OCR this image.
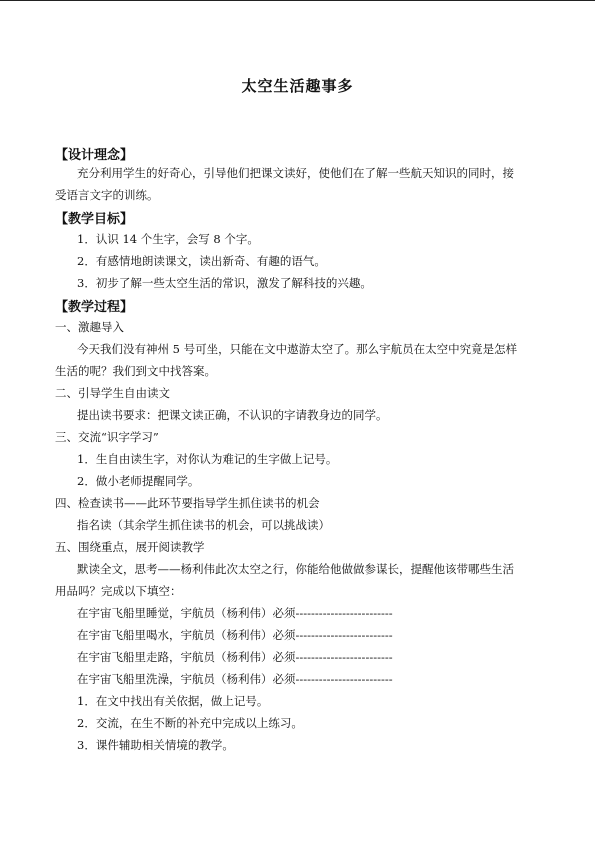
太空生活趣事多
【设计理念】
充分利用学生的好奇心，引导他们把课文读好，使他们在了解一些航天知识的同时，接
受语言文字的训练。
【教学目标】
1．认识 14 个生字，会写 8 个字。
2．有感情地朗读课文，读出新奇、有趣的语气。
3．初步了解一些太空生活的常识，激发了解科技的兴趣。
【教学过程】
一、激趣导入
今天我们没有神州 5 号可坐，只能在文中遨游太空了。那么宇航员在太空中究竟是怎样
生活的呢？我们到文中找答案。
二、引导学生自由读文
提出读书要求：把课文读正确，不认识的字请教身边的同学。
三、交流“识字学习”
1．生自由读生字，对你认为难记的生字做上记号。
2．做小老师提醒同学。
四、检查读书——此环节要指导学生抓住读书的机会
指名读（其余学生抓住读书的机会，可以挑战读）
五、围绕重点，展开阅读教学
默读全文，思考——杨利伟此次太空之行，你能给他做做参谋长，提醒他该带哪些生活
用品吗？完成以下填空：
在宇宙飞船里睡觉，宇航员（杨利伟）必须-------------------------
在宇宙飞船里喝水，宇航员（杨利伟）必须-------------------------
在宇宙飞船里走路，宇航员（杨利伟）必须-------------------------
在宇宙飞船里洗澡，宇航员（杨利伟）必须-------------------------
1．在文中找出有关依据，做上记号。
2．交流，在生不断的补充中完成以上练习。
3．课件辅助相关情境的教学。
